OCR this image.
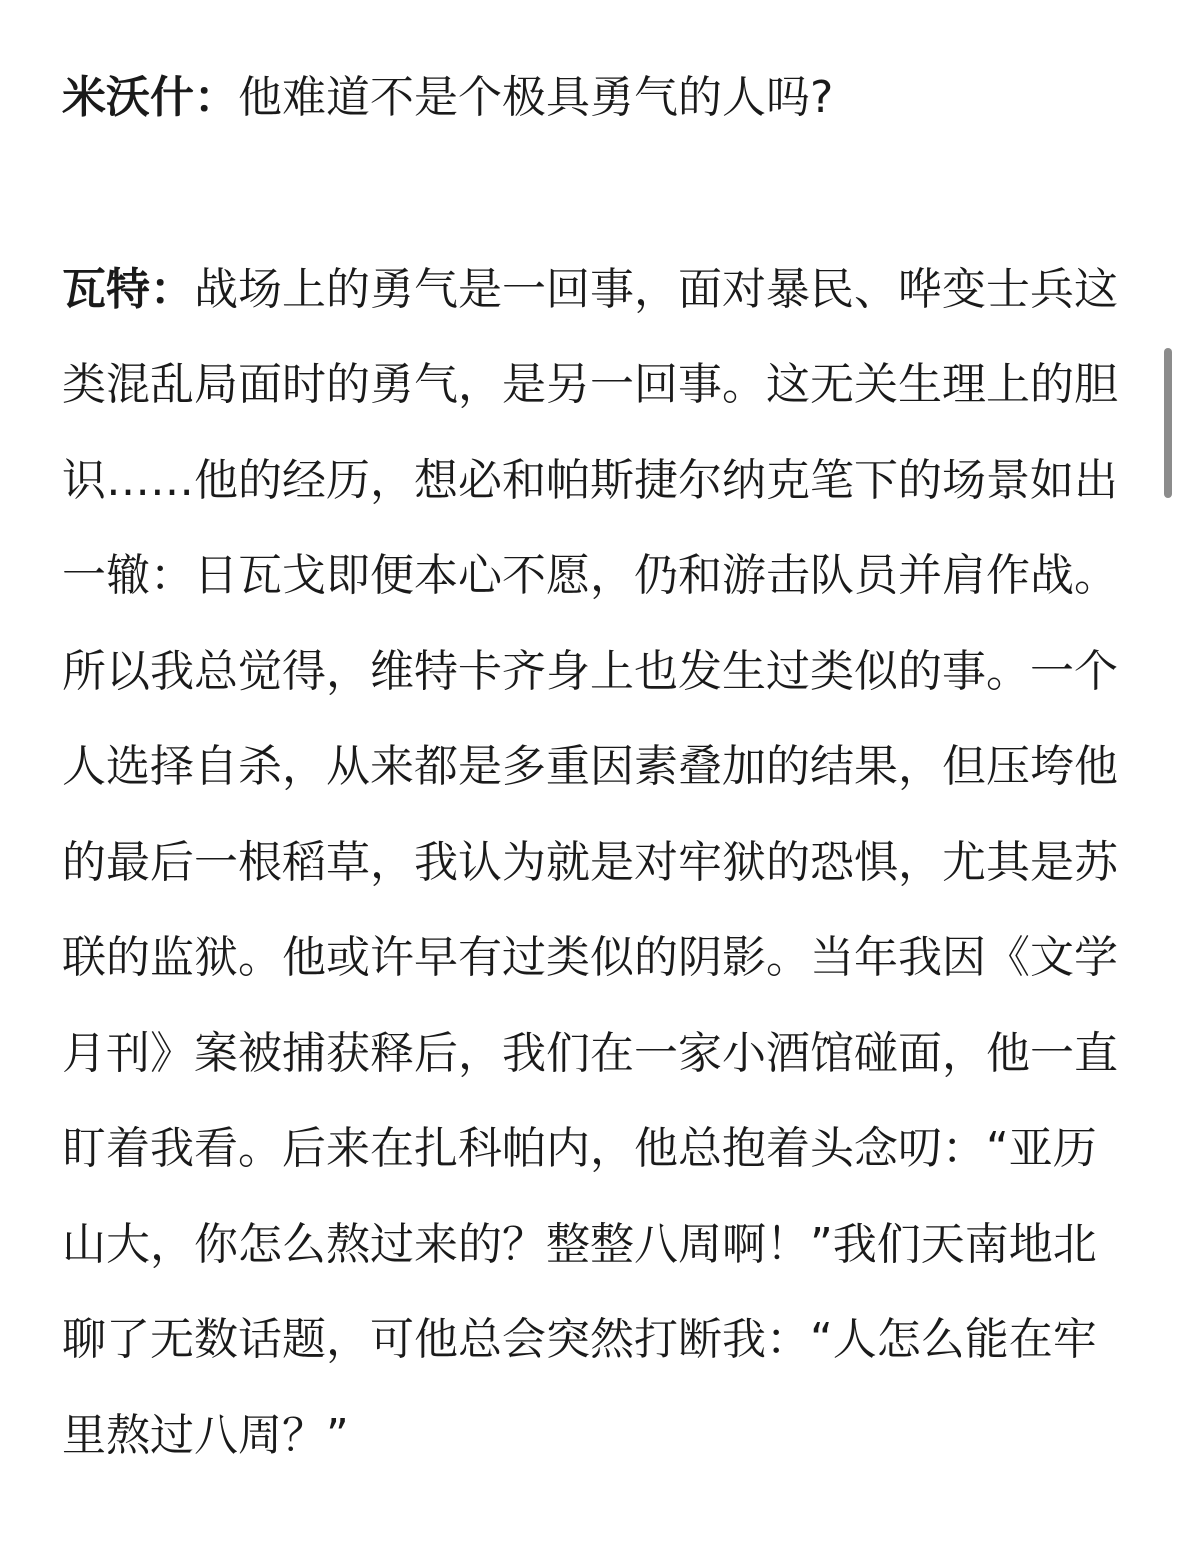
米沃什：他难道不是个极具勇气的人吗?
瓦特：战场上的勇气是一回事，面对暴民、哗变士兵这
类混乱局面时的勇气，是另一回事。这无关生理上的胆
识……他的经历，想必和帕斯捷尔纳克笔下的场景如出
一辙：日瓦戈即便本心不愿，仍和游击队员并肩作战。
所以我总觉得，维特卡齐身上也发生过类似的事。一个
人选择自杀，从来都是多重因素叠加的结果，但压垮他
的最后一根稻草，我认为就是对牢狱的恐惧，尤其是苏
联的监狱。他或许早有过类似的阴影。当年我因《文学
月刊》案被捕获释后，我们在一家小酒馆碰面，他一直
盯着我看。后来在扎科帕内，他总抱着头念叨：“亚历
山大，你怎么熬过来的？整整八周啊！”我们天南地北
聊了无数话题，可他总会突然打断我：“人怎么能在牢
里熬过八周？”
